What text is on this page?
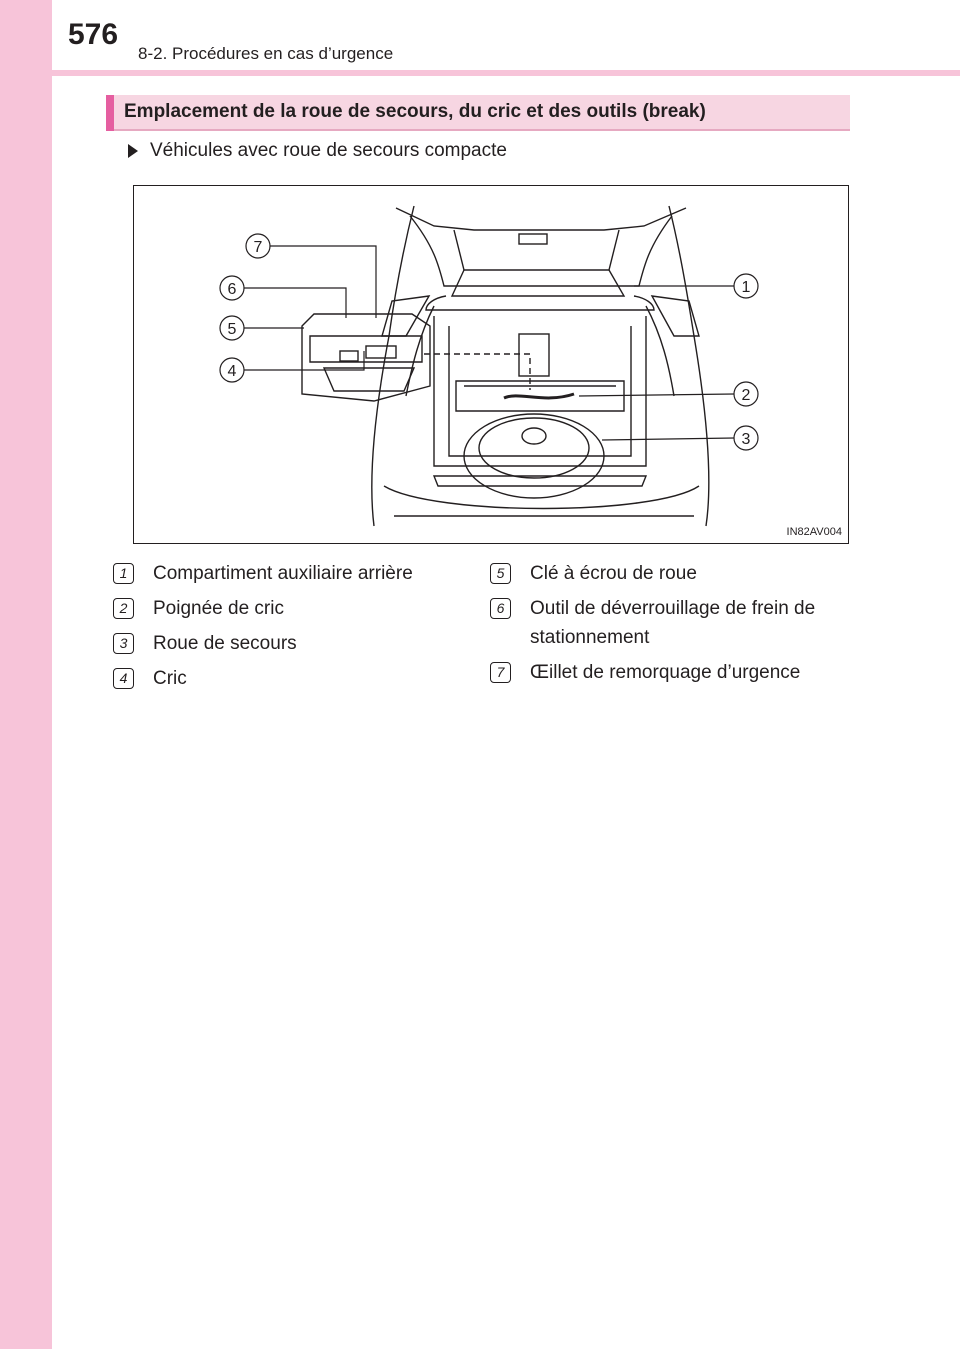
576
8-2. Procédures en cas d’urgence
Emplacement de la roue de secours, du cric et des outils (break)
Véhicules avec roue de secours compacte
7
6
5
4
1
2
3
IN82AV004
1	Compartiment auxiliaire arrière
2	Poignée de cric
3	Roue de secours
4	Cric
5	Clé à écrou de roue
6	Outil de déverrouillage de frein de
stationnement
7	Œillet de remorquage d’urgence
